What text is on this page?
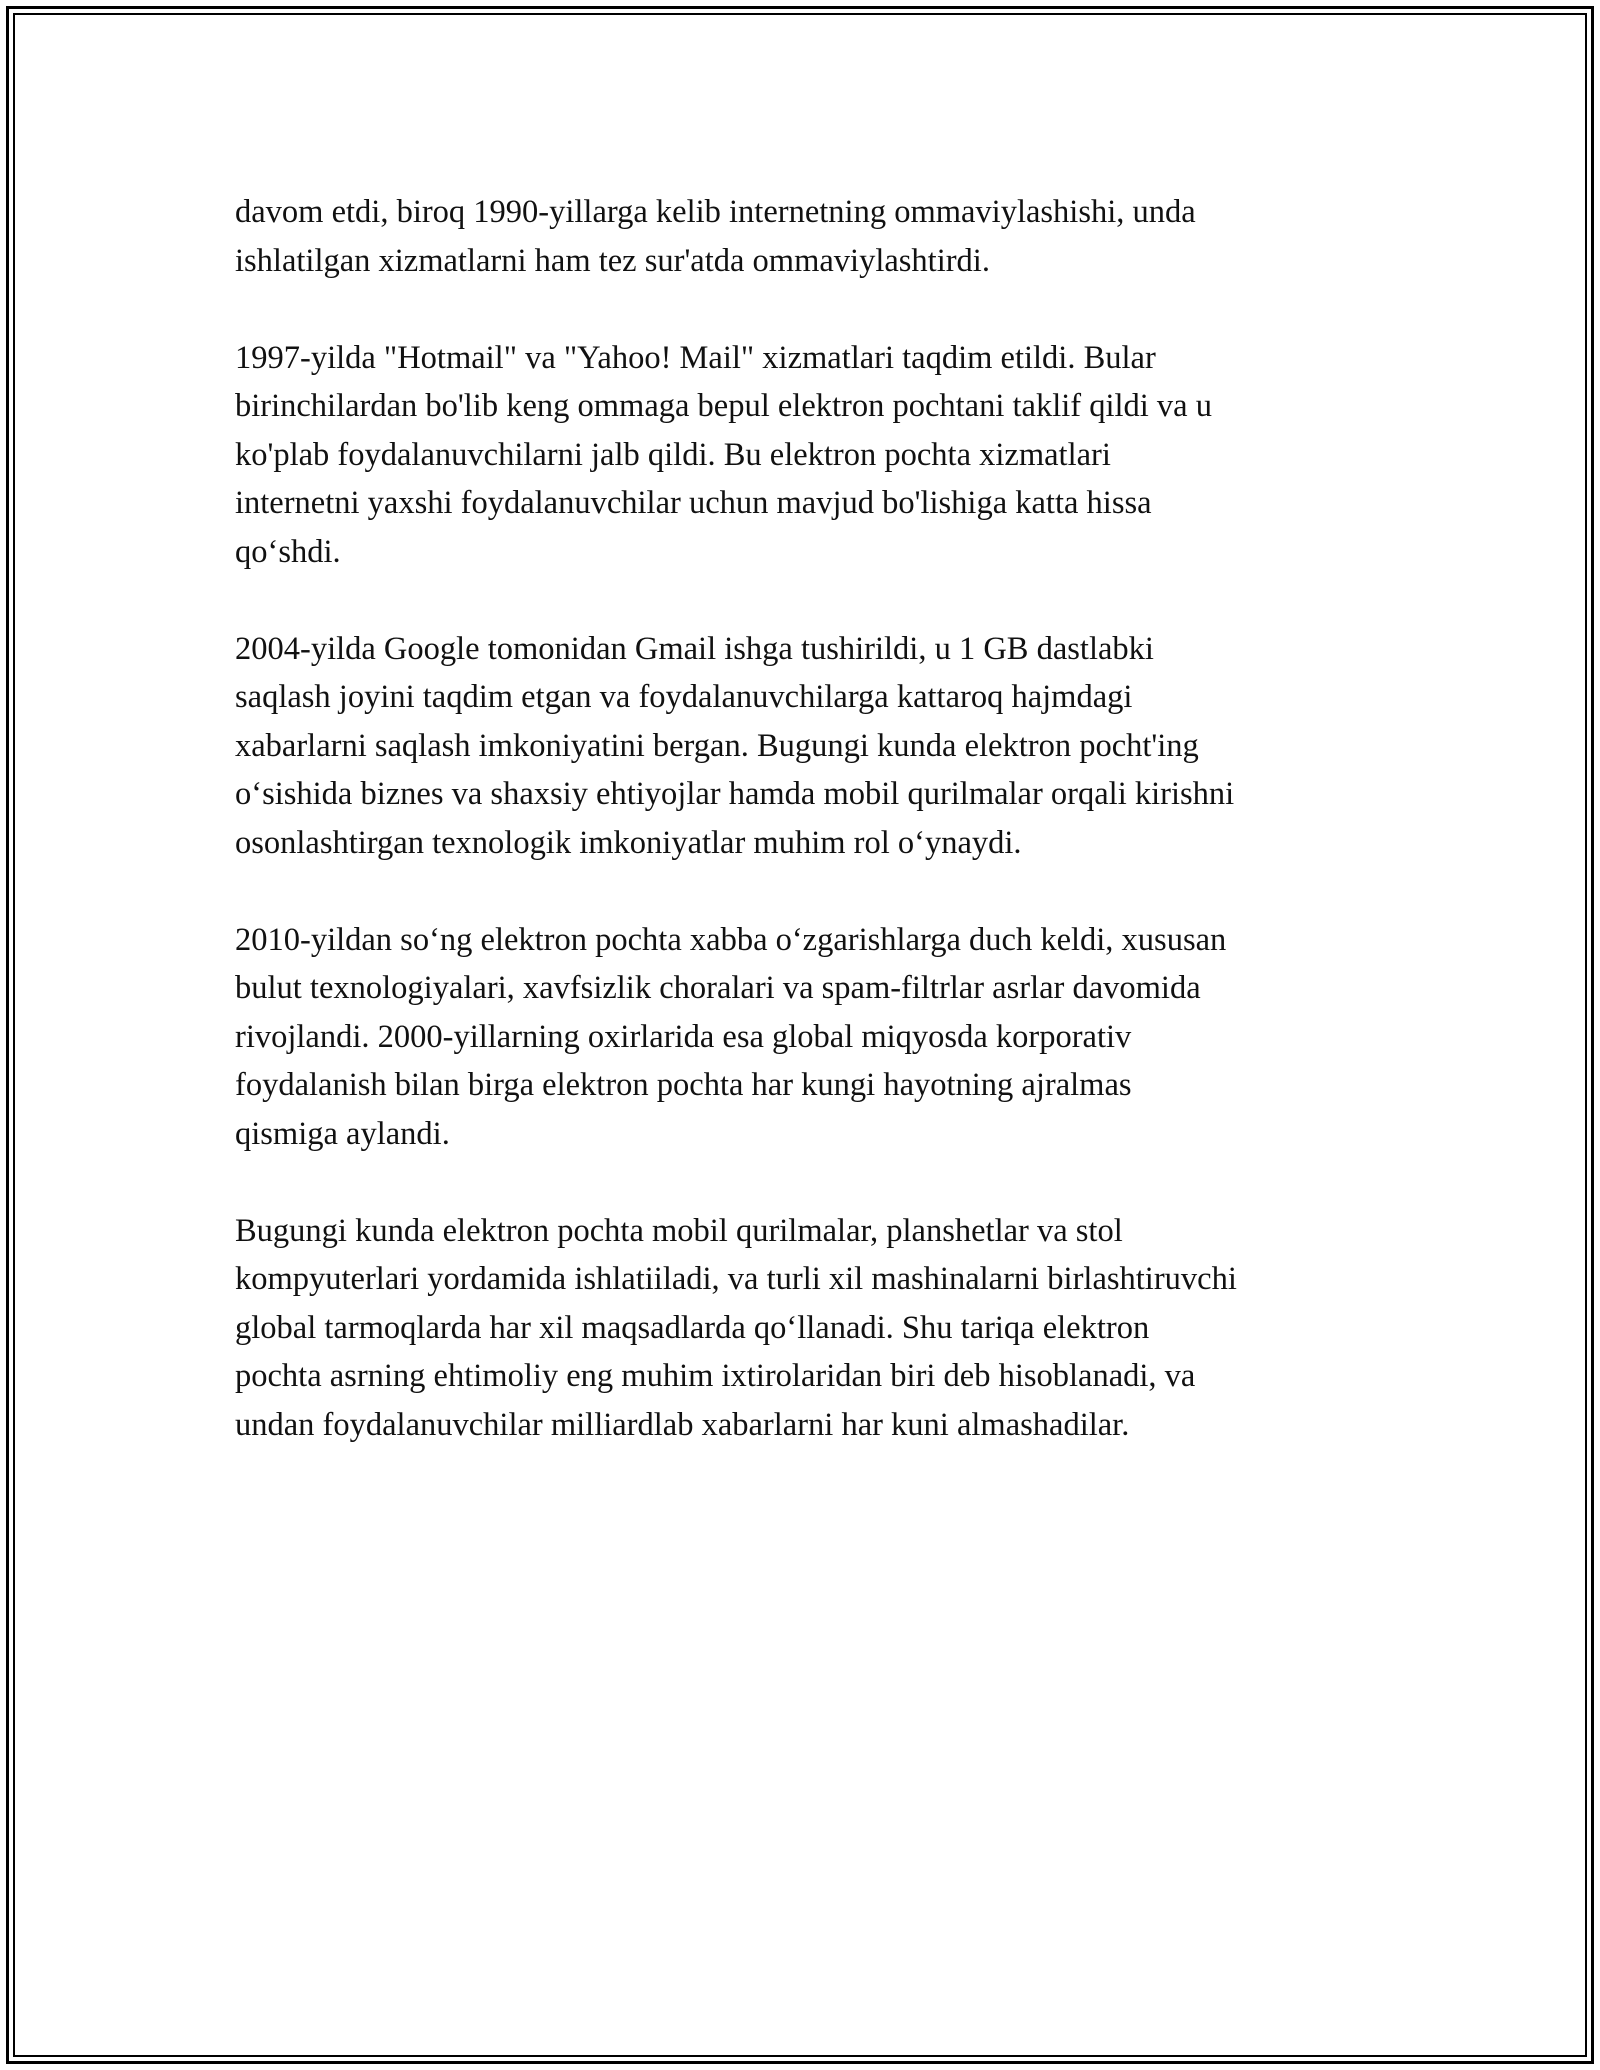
davom etdi, biroq 1990-yillarga kelib internetning ommaviylashishi, unda
ishlatilgan xizmatlarni ham tez sur'atda ommaviylashtirdi.

1997-yilda "Hotmail" va "Yahoo! Mail" xizmatlari taqdim etildi. Bular
birinchilardan bo'lib keng ommaga bepul elektron pochtani taklif qildi va u
ko'plab foydalanuvchilarni jalb qildi. Bu elektron pochta xizmatlari
internetni yaxshi foydalanuvchilar uchun mavjud bo'lishiga katta hissa
qoʻshdi.

2004-yilda Google tomonidan Gmail ishga tushirildi, u 1 GB dastlabki
saqlash joyini taqdim etgan va foydalanuvchilarga kattaroq hajmdagi
xabarlarni saqlash imkoniyatini bergan. Bugungi kunda elektron pocht'ing
oʻsishida biznes va shaxsiy ehtiyojlar hamda mobil qurilmalar orqali kirishni
osonlashtirgan texnologik imkoniyatlar muhim rol oʻynaydi.

2010-yildan soʻng elektron pochta xabba oʻzgarishlarga duch keldi, xususan
bulut texnologiyalari, xavfsizlik choralari va spam-filtrlar asrlar davomida
rivojlandi. 2000-yillarning oxirlarida esa global miqyosda korporativ
foydalanish bilan birga elektron pochta har kungi hayotning ajralmas
qismiga aylandi.

Bugungi kunda elektron pochta mobil qurilmalar, planshetlar va stol
kompyuterlari yordamida ishlatiiladi, va turli xil mashinalarni birlashtiruvchi
global tarmoqlarda har xil maqsadlarda qoʻllanadi. Shu tariqa elektron
pochta asrning ehtimoliy eng muhim ixtirolaridan biri deb hisoblanadi, va
undan foydalanuvchilar milliardlab xabarlarni har kuni almashadilar.
